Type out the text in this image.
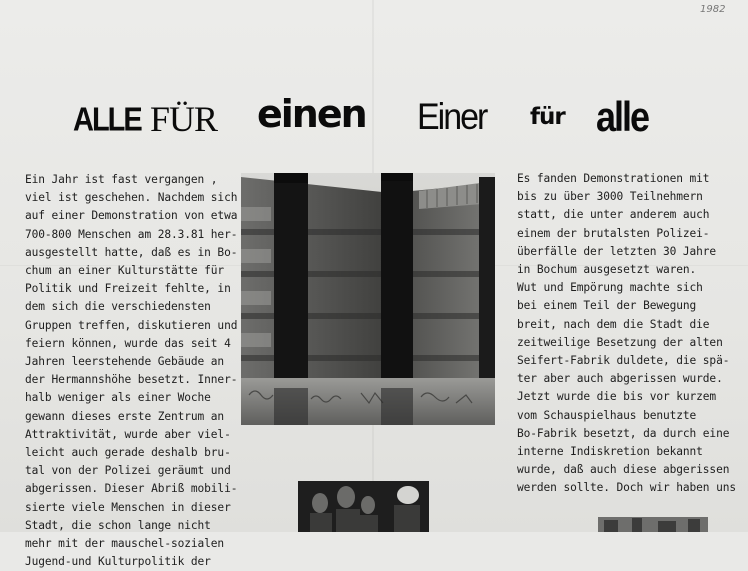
1982
ALLE FÜR einen Einer für alle
Ein Jahr ist fast vergangen ,
viel ist geschehen. Nachdem sich
auf einer Demonstration von etwa
700-800 Menschen am 28.3.81 her-
ausgestellt hatte, daß es in Bo-
chum an einer Kulturstätte für
Politik und Freizeit fehlte, in
dem sich die verschiedensten
Gruppen treffen, diskutieren und
feiern können, wurde das seit 4
Jahren leerstehende Gebäude an
der Hermannshöhe besetzt. Inner-
halb weniger als einer Woche
gewann dieses erste Zentrum an
Attraktivität, wurde aber viel-
leicht auch gerade deshalb bru-
tal von der Polizei geräumt und
abgerissen. Dieser Abriß mobili-
sierte viele Menschen in dieser
Stadt, die schon lange nicht
mehr mit der mauschel-sozialen
Jugend-und Kulturpolitik der
Es fanden Demonstrationen mit
bis zu über 3000 Teilnehmern
statt, die unter anderem auch
einem der brutalsten Polizei-
überfälle der letzten 30 Jahre
in Bochum ausgesetzt waren.
Wut und Empörung machte sich
bei einem Teil der Bewegung
breit, nach dem die Stadt die
zeitweilige Besetzung der alten
Seifert-Fabrik duldete, die spä-
ter aber auch abgerissen wurde.
Jetzt wurde die bis vor kurzem
vom Schauspielhaus benutzte
Bo-Fabrik besetzt, da durch eine
interne Indiskretion bekannt
wurde, daß auch diese abgerissen
werden sollte. Doch wir haben uns
